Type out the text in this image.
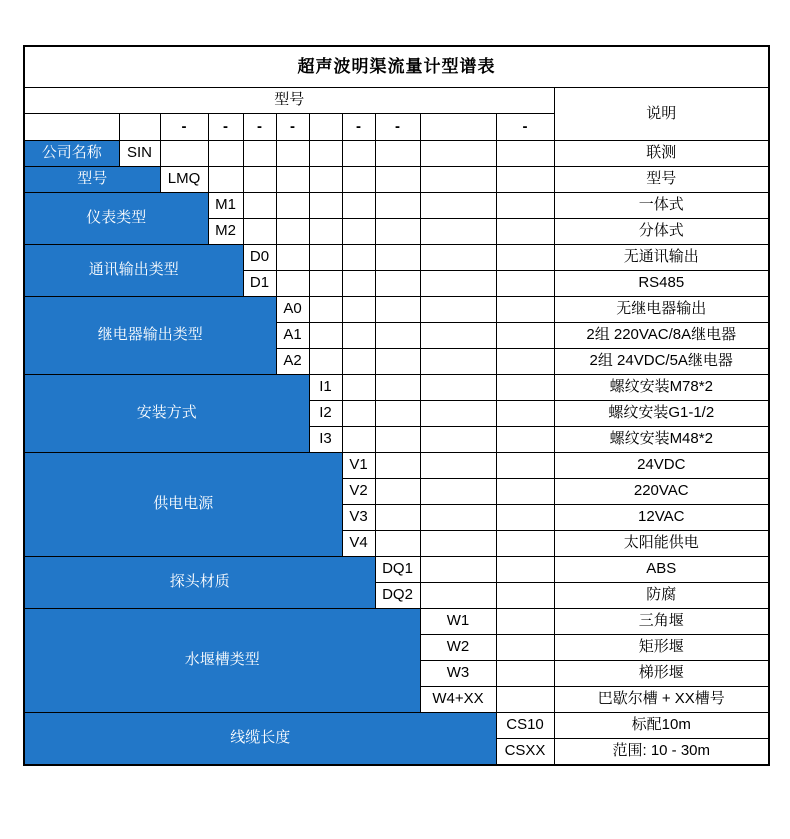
超声波明渠流量计型谱表											
型号											说明
		-	-	-	-		-	-		-	
公司名称	SIN										联测
型号		LMQ									型号
仪表类型			M1								一体式
			M2								分体式
通讯输出类型				D0							无通讯输出
				D1							RS485
继电器输出类型					A0						无继电器输出
					A1						2组 220VAC/8A继电器
					A2						2组 24VDC/5A继电器
安装方式						I1					螺纹安装M78*2
						I2					螺纹安装G1-1/2
						I3					螺纹安装M48*2
供电电源							V1				24VDC
							V2				220VAC
							V3				12VAC
							V4				太阳能供电
探头材质								DQ1			ABS
								DQ2			防腐
水堰槽类型									W1		三角堰
									W2		矩形堰
									W3		梯形堰
									W4+XX		巴歇尔槽 + XX槽号
线缆长度										CS10	标配10m
										CSXX	范围: 10 - 30m
